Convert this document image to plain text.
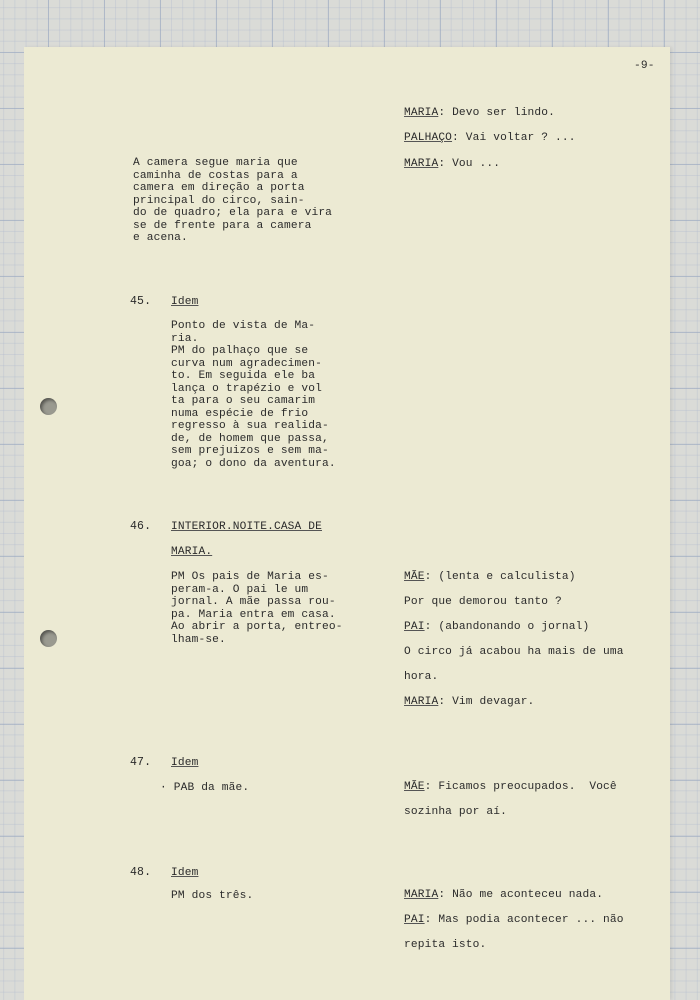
-9-
MARIA: Devo ser lindo.
PALHAÇO: Vai voltar ? ...
MARIA: Vou ...
A camera segue maria que
caminha de costas para a
camera em direção a porta
principal do circo, sain-
do de quadro; ela para e vira
se de frente para a camera
e acena.
45. Idem
Ponto de vista de Ma-
ria.
PM do palhaço que se
curva num agradecimen-
to. Em seguida ele ba
lança o trapézio e vol
ta para o seu camarim
numa espécie de frio
regresso à sua realida-
de, de homem que passa,
sem prejuizos e sem ma-
goa; o dono da aventura.
46. INTERIOR.NOITE.CASA DE

MARIA.
PM Os pais de Maria es-
peram-a. O pai le um
jornal. A mãe passa rou-
pa. Maria entra em casa.
Ao abrir a porta, entreo-
lham-se.
MÃE: (lenta e calculista)
Por que demorou tanto ?
PAI: (abandonando o jornal)
O circo já acabou ha mais de uma
hora.
MARIA: Vim devagar.
47. Idem
· PAB da mãe.	MÃE: Ficamos preocupados.  Você
sozinha por aí.
48. Idem
PM dos três.	MARIA: Não me aconteceu nada.
PAI: Mas podia acontecer ... não
repita isto.
